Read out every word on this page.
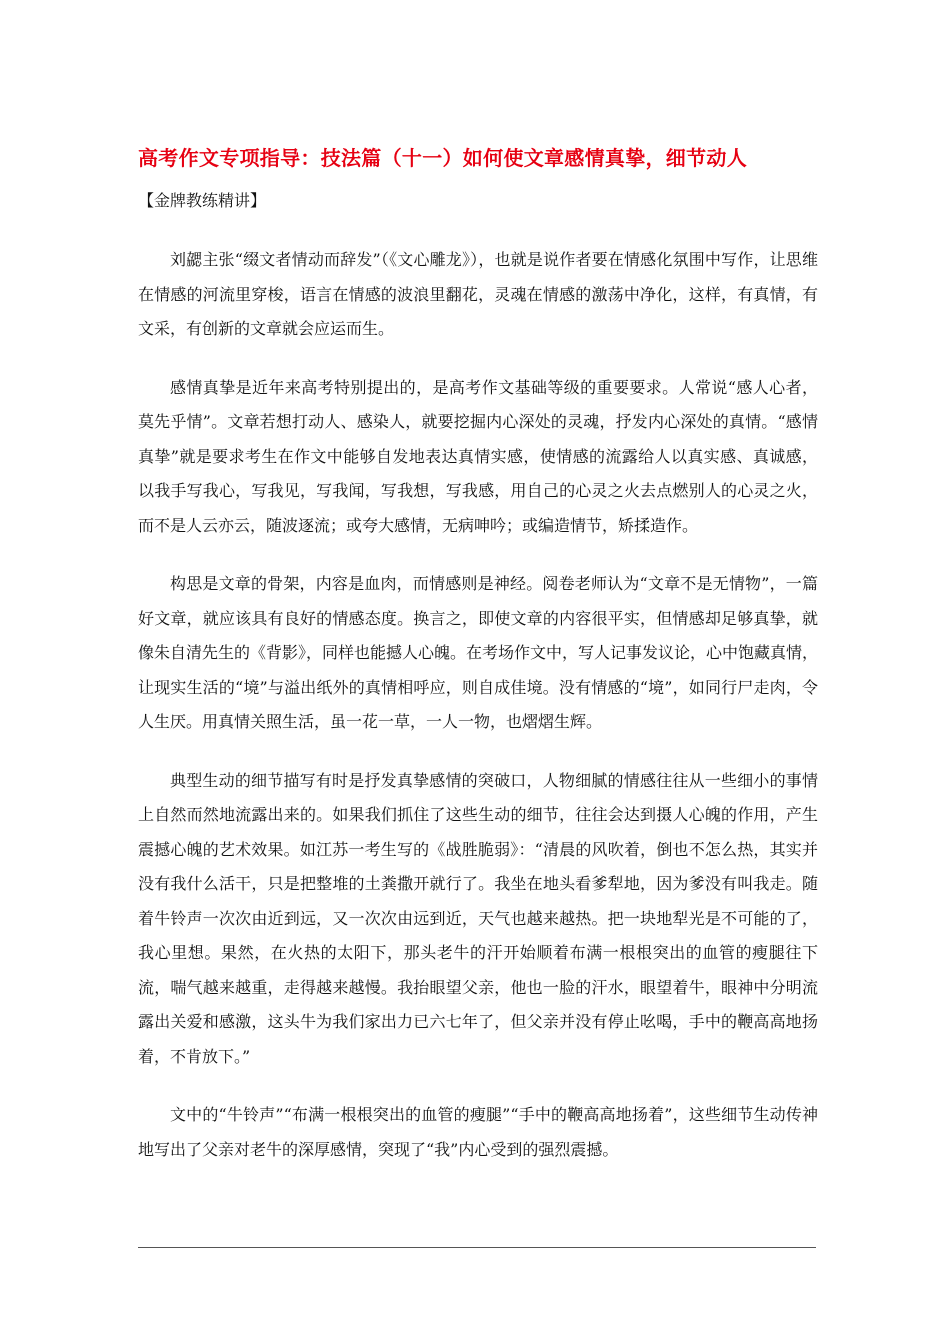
高考作文专项指导：技法篇（十一）如何使文章感情真挚，细节动人
【金牌教练精讲】

刘勰主张“缀文者情动而辞发”（《文心雕龙》），也就是说作者要在情感化氛围中写作，让思维在情感的河流里穿梭，语言在情感的波浪里翻花，灵魂在情感的激荡中净化，这样，有真情，有文采，有创新的文章就会应运而生。

感情真挚是近年来高考特别提出的，是高考作文基础等级的重要要求。人常说“感人心者，莫先乎情”。文章若想打动人、感染人，就要挖掘内心深处的灵魂，抒发内心深处的真情。“感情真挚”就是要求考生在作文中能够自发地表达真情实感，使情感的流露给人以真实感、真诚感，以我手写我心，写我见，写我闻，写我想，写我感，用自己的心灵之火去点燃别人的心灵之火，而不是人云亦云，随波逐流；或夸大感情，无病呻吟；或编造情节，矫揉造作。

构思是文章的骨架，内容是血肉，而情感则是神经。阅卷老师认为“文章不是无情物”，一篇好文章，就应该具有良好的情感态度。换言之，即使文章的内容很平实，但情感却足够真挚，就像朱自清先生的《背影》，同样也能撼人心魄。在考场作文中，写人记事发议论，心中饱藏真情，让现实生活的“境”与溢出纸外的真情相呼应，则自成佳境。没有情感的“境”，如同行尸走肉，令人生厌。用真情关照生活，虽一花一草，一人一物，也熠熠生辉。

典型生动的细节描写有时是抒发真挚感情的突破口，人物细腻的情感往往从一些细小的事情上自然而然地流露出来的。如果我们抓住了这些生动的细节，往往会达到摄人心魄的作用，产生震撼心魄的艺术效果。如江苏一考生写的《战胜脆弱》：“清晨的风吹着，倒也不怎么热，其实并没有我什么活干，只是把整堆的土粪撒开就行了。我坐在地头看爹犁地，因为爹没有叫我走。随着牛铃声一次次由近到远，又一次次由远到近，天气也越来越热。把一块地犁光是不可能的了，我心里想。果然，在火热的太阳下，那头老牛的汗开始顺着布满一根根突出的血管的瘦腿往下流，喘气越来越重，走得越来越慢。我抬眼望父亲，他也一脸的汗水，眼望着牛，眼神中分明流露出关爱和感激，这头牛为我们家出力已六七年了，但父亲并没有停止吆喝，手中的鞭高高地扬着，不肯放下。”

文中的“牛铃声”“布满一根根突出的血管的瘦腿”“手中的鞭高高地扬着”，这些细节生动传神地写出了父亲对老牛的深厚感情，突现了“我”内心受到的强烈震撼。
